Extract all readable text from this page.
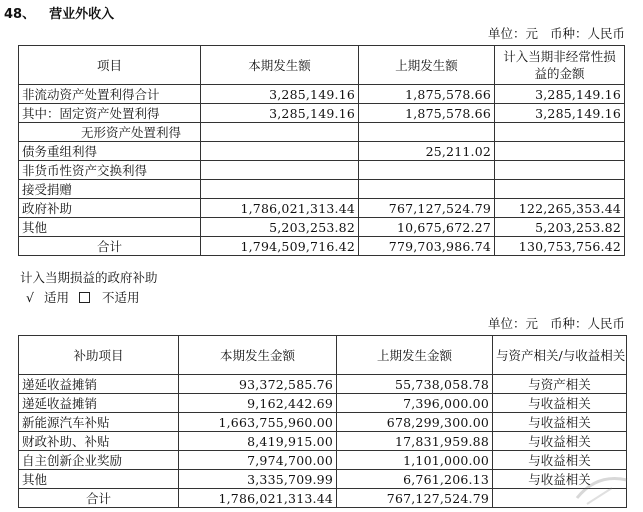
48、 营业外收入
单位：元 币种：人民币
项目	本期发生额	上期发生额	计入当期非经常性损益的金额
非流动资产处置利得合计	3,285,149.16	1,875,578.66	3,285,149.16
其中：固定资产处置利得	3,285,149.16	1,875,578.66	3,285,149.16
无形资产处置利得			
债务重组利得		25,211.02	
非货币性资产交换利得			
接受捐赠			
政府补助	1,786,021,313.44	767,127,524.79	122,265,353.44
其他	5,203,253.82	10,675,672.27	5,203,253.82
合计	1,794,509,716.42	779,703,986.74	130,753,756.42
计入当期损益的政府补助
√ 适用	不适用
单位：元 币种：人民币
补助项目	本期发生金额	上期发生金额	与资产相关/与收益相关
递延收益摊销	93,372,585.76	55,738,058.78	与资产相关
递延收益摊销	9,162,442.69	7,396,000.00	与收益相关
新能源汽车补贴	1,663,755,960.00	678,299,300.00	与收益相关
财政补助、补贴	8,419,915.00	17,831,959.88	与收益相关
自主创新企业奖励	7,974,700.00	1,101,000.00	与收益相关
其他	3,335,709.99	6,761,206.13	与收益相关
合计	1,786,021,313.44	767,127,524.79	
